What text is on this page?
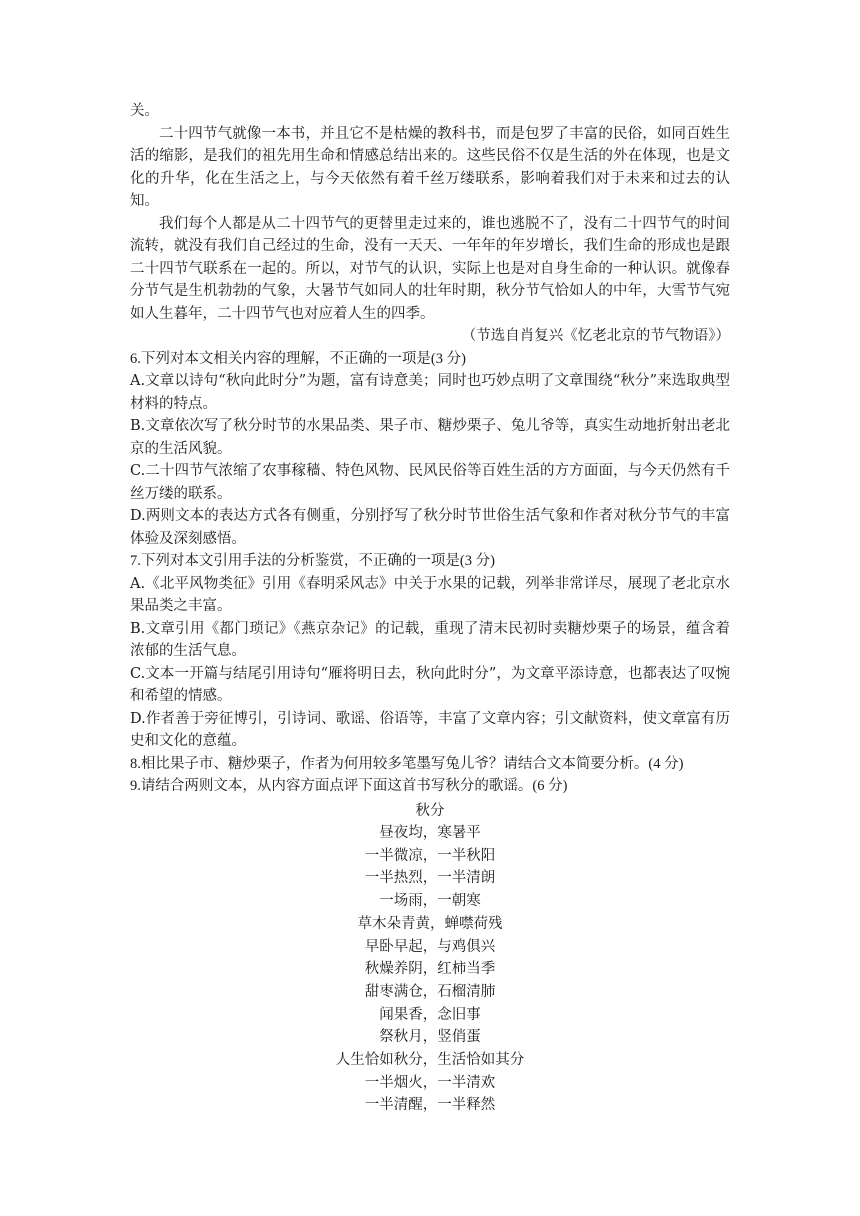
关。

二十四节气就像一本书，并且它不是枯燥的教科书，而是包罗了丰富的民俗，如同百姓生活的缩影，是我们的祖先用生命和情感总结出来的。这些民俗不仅是生活的外在体现，也是文化的升华，化在生活之上，与今天依然有着千丝万缕联系，影响着我们对于未来和过去的认知。

我们每个人都是从二十四节气的更替里走过来的，谁也逃脱不了，没有二十四节气的时间流转，就没有我们自己经过的生命，没有一天天、一年年的年岁增长，我们生命的形成也是跟二十四节气联系在一起的。所以，对节气的认识，实际上也是对自身生命的一种认识。就像春分节气是生机勃勃的气象，大暑节气如同人的壮年时期，秋分节气恰如人的中年，大雪节气宛如人生暮年，二十四节气也对应着人生的四季。

（节选自肖复兴《忆老北京的节气物语》）

6.下列对本文相关内容的理解，不正确的一项是(3 分)

A.文章以诗句“秋向此时分”为题，富有诗意美；同时也巧妙点明了文章围绕“秋分”来选取典型材料的特点。

B.文章依次写了秋分时节的水果品类、果子市、糖炒栗子、兔儿爷等，真实生动地折射出老北京的生活风貌。

C.二十四节气浓缩了农事稼穑、特色风物、民风民俗等百姓生活的方方面面，与今天仍然有千丝万缕的联系。

D.两则文本的表达方式各有侧重，分别抒写了秋分时节世俗生活气象和作者对秋分节气的丰富体验及深刻感悟。

7.下列对本文引用手法的分析鉴赏，不正确的一项是(3 分)

A.《北平风物类征》引用《春明采风志》中关于水果的记载，列举非常详尽，展现了老北京水果品类之丰富。

B.文章引用《都门琐记》《燕京杂记》的记载，重现了清末民初时卖糖炒栗子的场景，蕴含着浓郁的生活气息。

C.文本一开篇与结尾引用诗句“雁将明日去，秋向此时分”，为文章平添诗意，也都表达了叹惋和希望的情感。

D.作者善于旁征博引，引诗词、歌谣、俗语等，丰富了文章内容；引文献资料，使文章富有历史和文化的意蕴。

8.相比果子市、糖炒栗子，作者为何用较多笔墨写兔儿爷？请结合文本简要分析。(4 分)

9.请结合两则文本，从内容方面点评下面这首书写秋分的歌谣。(6 分)

秋分

昼夜均，寒暑平

一半微凉，一半秋阳

一半热烈，一半清朗

一场雨，一朝寒

草木朵青黄，蝉噤荷残

早卧早起，与鸡俱兴

秋燥养阴，红柿当季

甜枣满仓，石榴清肺

闻果香，念旧事

祭秋月，竖俏蛋

人生恰如秋分，生活恰如其分

一半烟火，一半清欢

一半清醒，一半释然
